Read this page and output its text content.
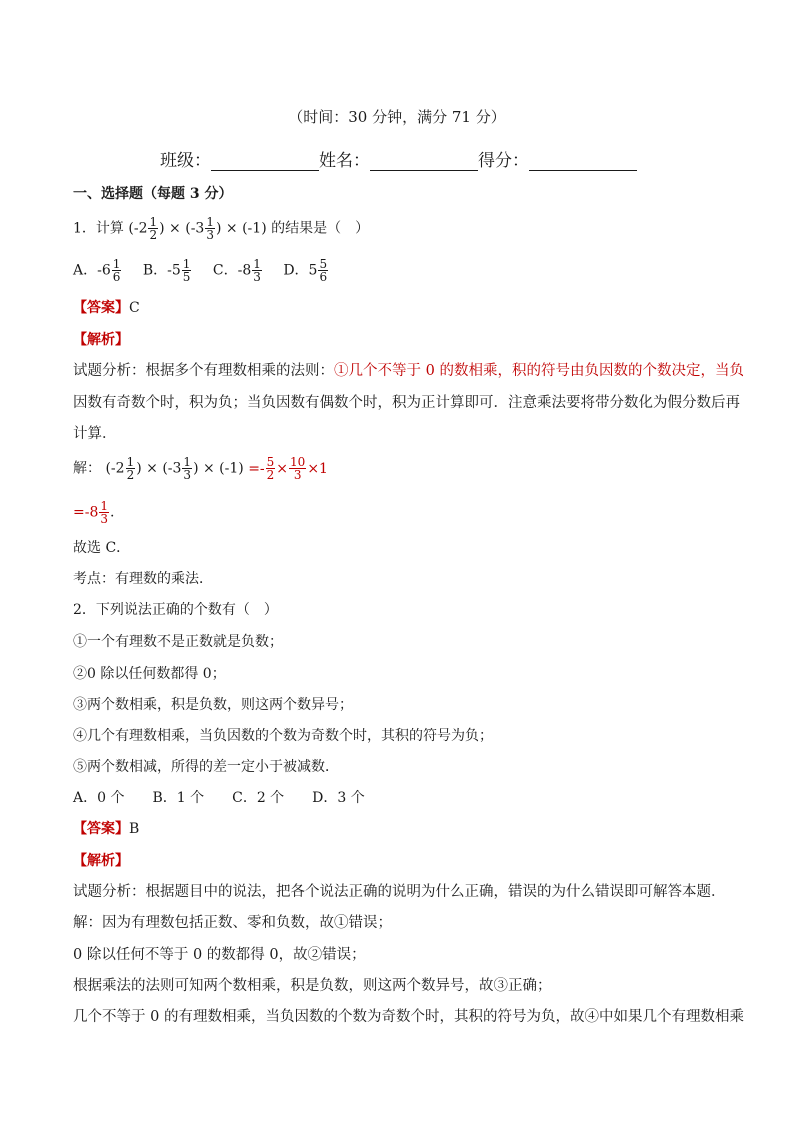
（时间：30 分钟，满分 71 分）
班级：	姓名：	得分：
一、选择题（每题 3 分）
1．计算 ($-2 \frac{1}{2}$ ) × ($-3 \frac{1}{3}$ ) × (-1) 的结果是（　）
A．$-6 \frac{1}{6}$ B．$-5 \frac{1}{5}$ C．$-8 \frac{1}{3}$ D．$5 \frac{5}{6}$
【答案】C
【解析】
试题分析：根据多个有理数相乘的法则：①几个不等于 0 的数相乘，积的符号由负因数的个数决定，当负
因数有奇数个时，积为负；当负因数有偶数个时，积为正计算即可．注意乘法要将带分数化为假分数后再
计算．
解： ($-2 \frac{1}{2}$ ) × ($-3 \frac{1}{3}$ ) × $(-1) =- \frac{5}{2} \times \frac{10}{3} \times 1$
$=-8 \frac{1}{3}$ .
故选 C．
考点：有理数的乘法．
2．下列说法正确的个数有（　）
①一个有理数不是正数就是负数；
②0 除以任何数都得 0；
③两个数相乘，积是负数，则这两个数异号；
④几个有理数相乘，当负因数的个数为奇数个时，其积的符号为负；
⑤两个数相减，所得的差一定小于被减数．
A．0 个　　B．1 个　　C．2 个　　D．3 个
【答案】B
【解析】
试题分析：根据题目中的说法，把各个说法正确的说明为什么正确，错误的为什么错误即可解答本题．
解：因为有理数包括正数、零和负数，故①错误；
0 除以任何不等于 0 的数都得 0，故②错误；
根据乘法的法则可知两个数相乘，积是负数，则这两个数异号，故③正确；
几个不等于 0 的有理数相乘，当负因数的个数为奇数个时，其积的符号为负，故④中如果几个有理数相乘
